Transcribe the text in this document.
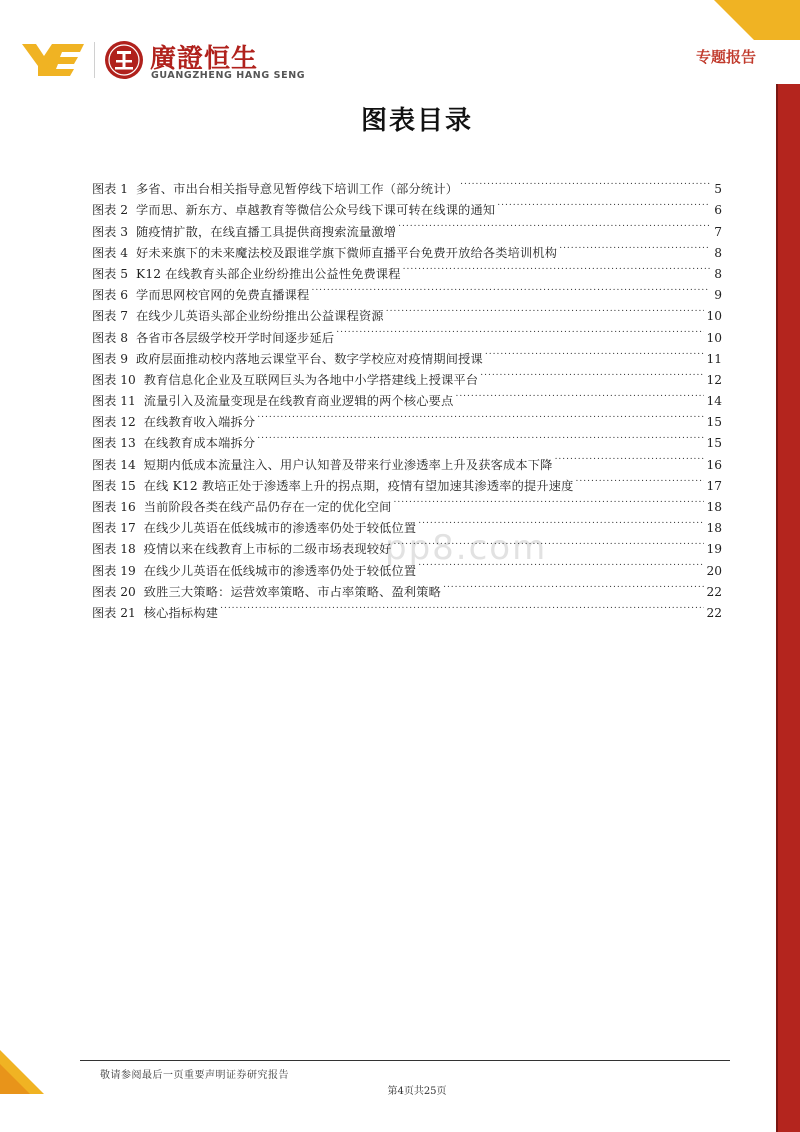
廣證恒生
GUANGZHENG HANG SENG
专题报告
图表目录
pp8.com
图表 1 多省、市出台相关指导意见暂停线下培训工作（部分统计） .....	5
图表 2 学而思、新东方、卓越教育等微信公众号线下课可转在线课的通知 .....	6
图表 3 随疫情扩散，在线直播工具提供商搜索流量激增 .....	7
图表 4 好未来旗下的未来魔法校及跟谁学旗下微师直播平台免费开放给各类培训机构 .....	8
图表 5 K12 在线教育头部企业纷纷推出公益性免费课程 .....	8
图表 6 学而思网校官网的免费直播课程 .....	9
图表 7 在线少儿英语头部企业纷纷推出公益课程资源 .....	10
图表 8 各省市各层级学校开学时间逐步延后 .....	10
图表 9 政府层面推动校内落地云课堂平台、数字学校应对疫情期间授课 .....	11
图表 10 教育信息化企业及互联网巨头为各地中小学搭建线上授课平台 .....	12
图表 11 流量引入及流量变现是在线教育商业逻辑的两个核心要点 .....	14
图表 12 在线教育收入端拆分 .....	15
图表 13 在线教育成本端拆分 .....	15
图表 14 短期内低成本流量注入、用户认知普及带来行业渗透率上升及获客成本下降 .....	16
图表 15 在线 K12 教培正处于渗透率上升的拐点期，疫情有望加速其渗透率的提升速度 .....	17
图表 16 当前阶段各类在线产品仍存在一定的优化空间 .....	18
图表 17 在线少儿英语在低线城市的渗透率仍处于较低位置 .....	18
图表 18 疫情以来在线教育上市标的二级市场表现较好 .....	19
图表 19 在线少儿英语在低线城市的渗透率仍处于较低位置 .....	20
图表 20 致胜三大策略：运营效率策略、市占率策略、盈利策略 .....	22
图表 21 核心指标构建 .....	22
敬请参阅最后一页重要声明证券研究报告
第4页共25页
